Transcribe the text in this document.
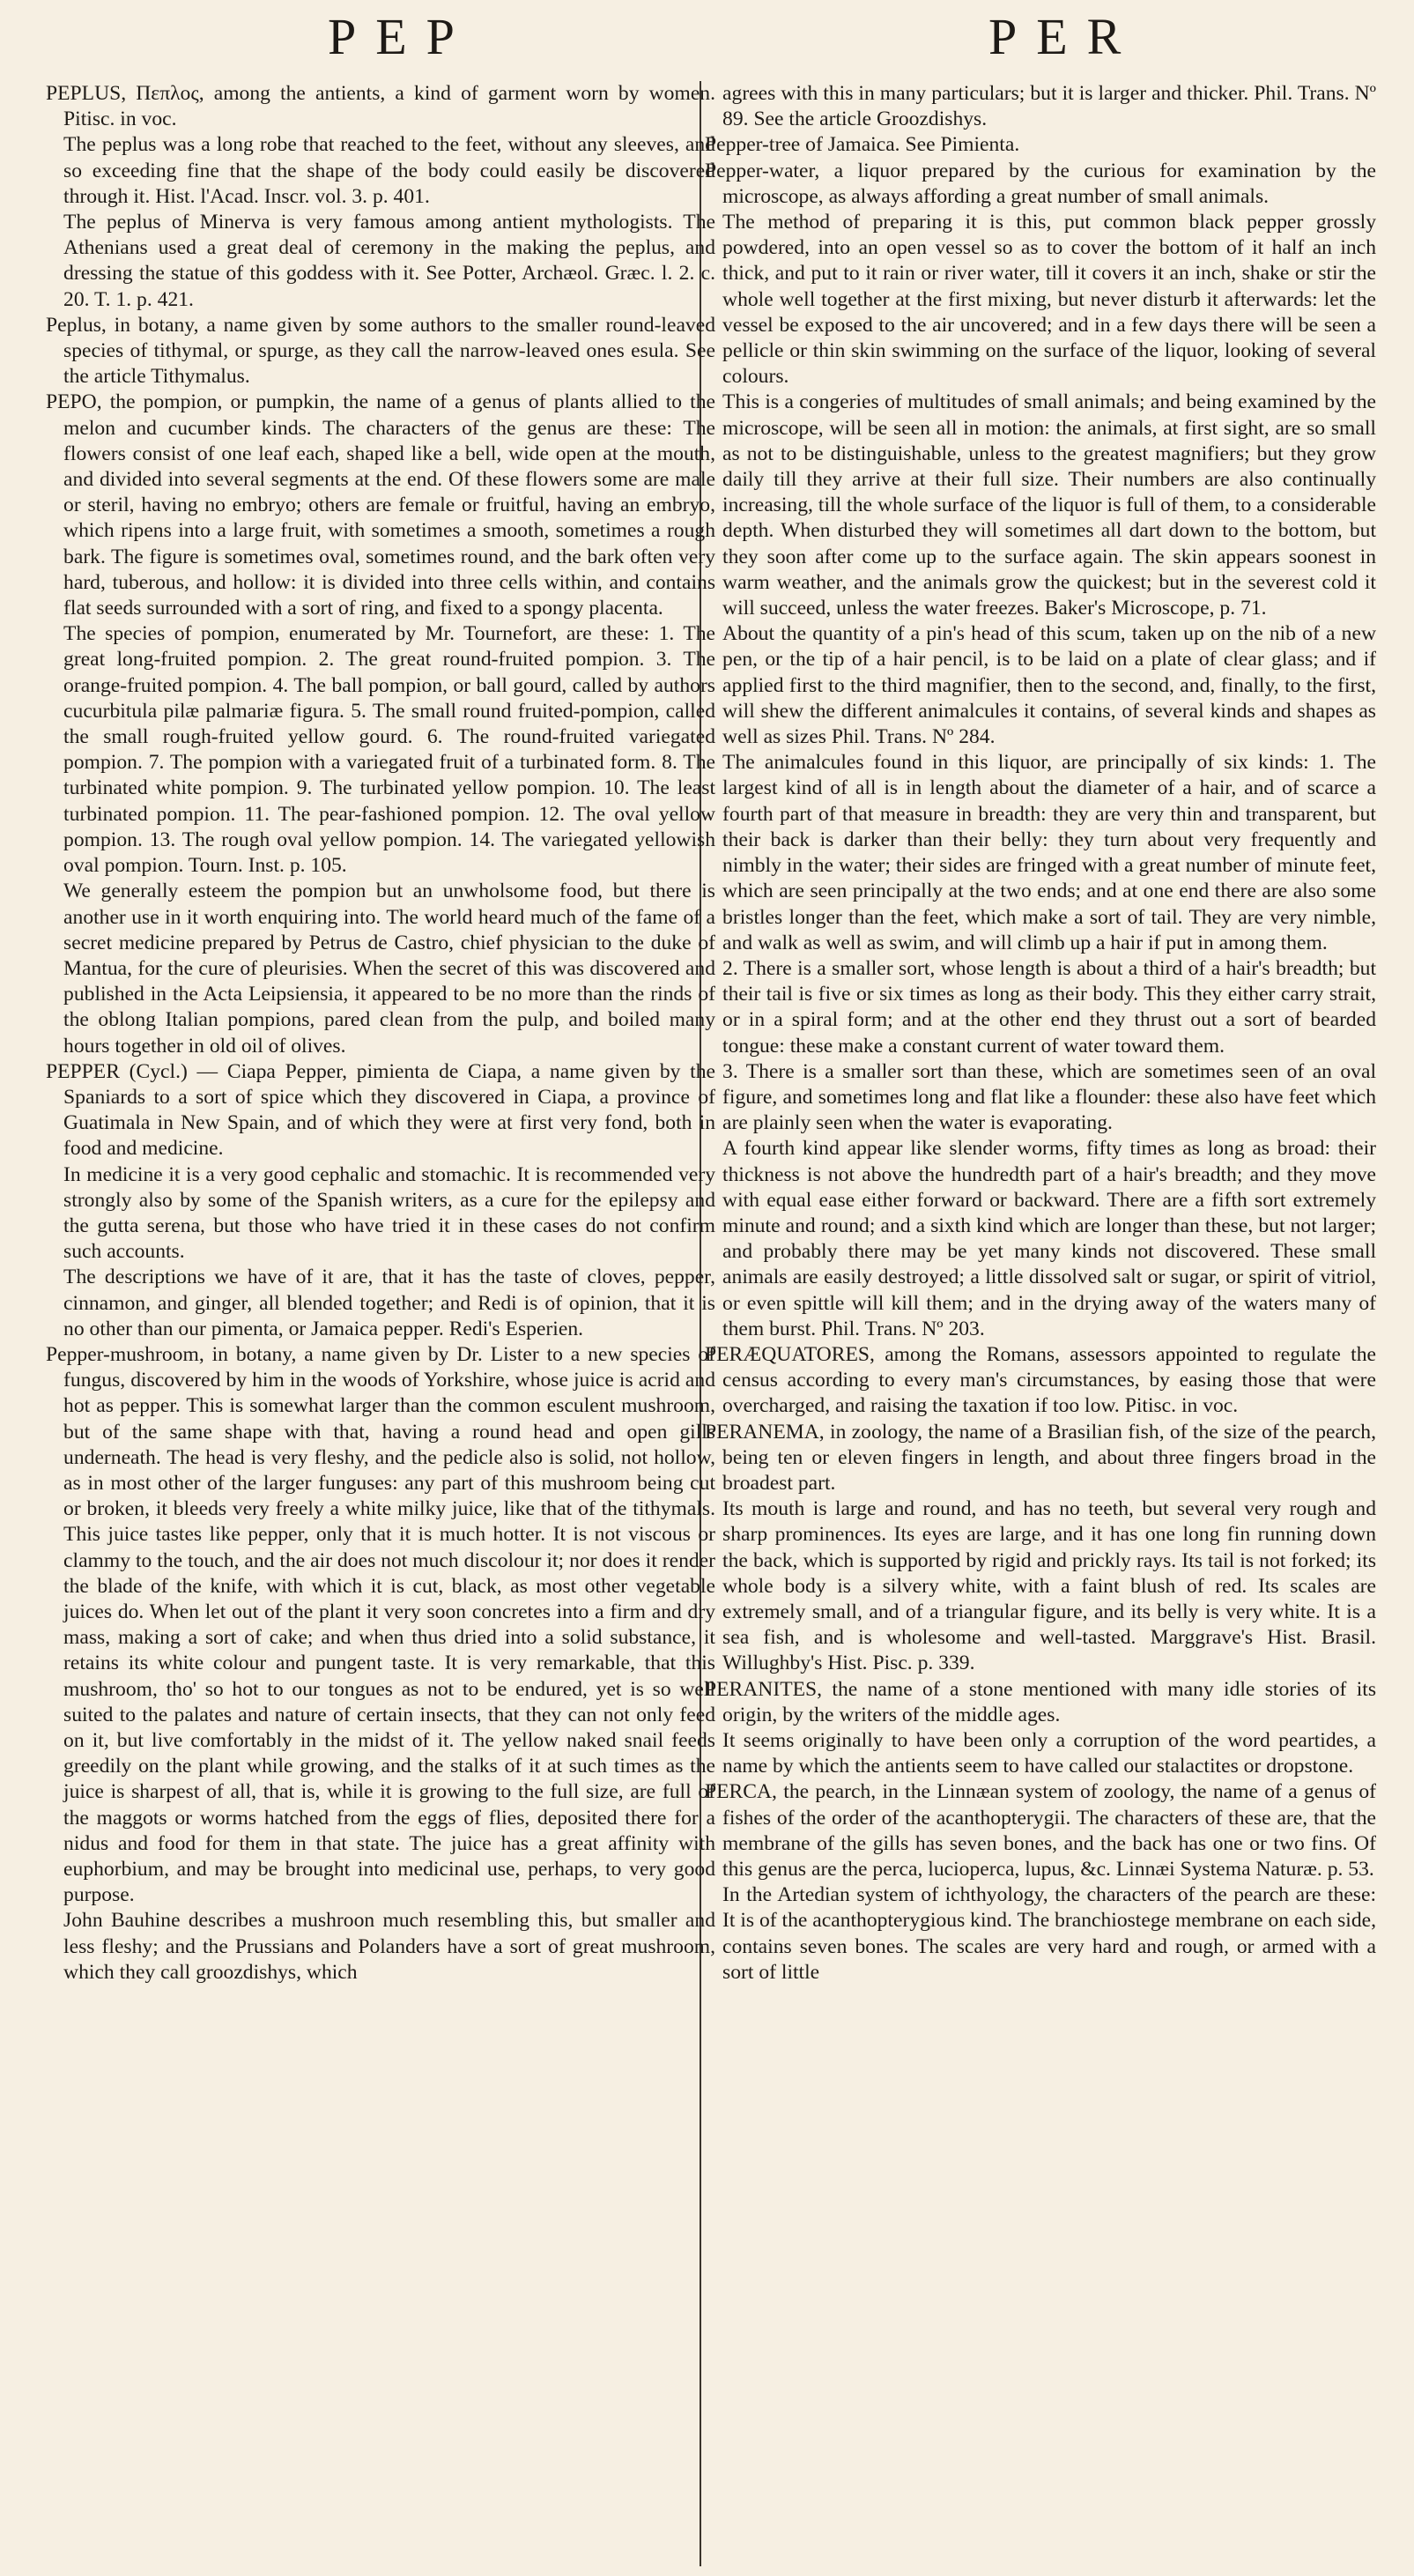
PEP	PER

PEPLUS, Πεπλος, among the antients, a kind of garment worn by women. Pitisc. in voc.

The peplus was a long robe that reached to the feet, without any sleeves, and so exceeding fine that the shape of the body could easily be discovered through it. Hist. l'Acad. Inscr. vol. 3. p. 401.

The peplus of Minerva is very famous among antient mythologists. The Athenians used a great deal of ceremony in the making the peplus, and dressing the statue of this goddess with it. See Potter, Archæol. Græc. l. 2. c. 20. T. 1. p. 421.

Peplus, in botany, a name given by some authors to the smaller round-leaved species of tithymal, or spurge, as they call the narrow-leaved ones esula. See the article Tithymalus.

PEPO, the pompion, or pumpkin, the name of a genus of plants allied to the melon and cucumber kinds. The characters of the genus are these: The flowers consist of one leaf each, shaped like a bell, wide open at the mouth, and divided into several segments at the end. Of these flowers some are male or steril, having no embryo; others are female or fruitful, having an embryo, which ripens into a large fruit, with sometimes a smooth, sometimes a rough bark. The figure is sometimes oval, sometimes round, and the bark often very hard, tuberous, and hollow: it is divided into three cells within, and contains flat seeds surrounded with a sort of ring, and fixed to a spongy placenta.

The species of pompion, enumerated by Mr. Tournefort, are these: 1. The great long-fruited pompion. 2. The great round-fruited pompion. 3. The orange-fruited pompion. 4. The ball pompion, or ball gourd, called by authors cucurbitula pilæ palmariæ figura. 5. The small round fruited-pompion, called the small rough-fruited yellow gourd. 6. The round-fruited variegated pompion. 7. The pompion with a variegated fruit of a turbinated form. 8. The turbinated white pompion. 9. The turbinated yellow pompion. 10. The least turbinated pompion. 11. The pear-fashioned pompion. 12. The oval yellow pompion. 13. The rough oval yellow pompion. 14. The variegated yellowish oval pompion. Tourn. Inst. p. 105.

We generally esteem the pompion but an unwholsome food, but there is another use in it worth enquiring into. The world heard much of the fame of a secret medicine prepared by Petrus de Castro, chief physician to the duke of Mantua, for the cure of pleurisies. When the secret of this was discovered and published in the Acta Leipsiensia, it appeared to be no more than the rinds of the oblong Italian pompions, pared clean from the pulp, and boiled many hours together in old oil of olives.

PEPPER (Cycl.) — Ciapa Pepper, pimienta de Ciapa, a name given by the Spaniards to a sort of spice which they discovered in Ciapa, a province of Guatimala in New Spain, and of which they were at first very fond, both in food and medicine.

In medicine it is a very good cephalic and stomachic. It is recommended very strongly also by some of the Spanish writers, as a cure for the epilepsy and the gutta serena, but those who have tried it in these cases do not confirm such accounts.

The descriptions we have of it are, that it has the taste of cloves, pepper, cinnamon, and ginger, all blended together; and Redi is of opinion, that it is no other than our pimenta, or Jamaica pepper. Redi's Esperien.

Pepper-mushroom, in botany, a name given by Dr. Lister to a new species of fungus, discovered by him in the woods of Yorkshire, whose juice is acrid and hot as pepper. This is somewhat larger than the common esculent mushroom, but of the same shape with that, having a round head and open gills underneath. The head is very fleshy, and the pedicle also is solid, not hollow, as in most other of the larger funguses: any part of this mushroom being cut or broken, it bleeds very freely a white milky juice, like that of the tithymals. This juice tastes like pepper, only that it is much hotter. It is not viscous or clammy to the touch, and the air does not much discolour it; nor does it render the blade of the knife, with which it is cut, black, as most other vegetable juices do. When let out of the plant it very soon concretes into a firm and dry mass, making a sort of cake; and when thus dried into a solid substance, it retains its white colour and pungent taste. It is very remarkable, that this mushroom, tho' so hot to our tongues as not to be endured, yet is so well suited to the palates and nature of certain insects, that they can not only feed on it, but live comfortably in the midst of it. The yellow naked snail feeds greedily on the plant while growing, and the stalks of it at such times as the juice is sharpest of all, that is, while it is growing to the full size, are full of the maggots or worms hatched from the eggs of flies, deposited there for a nidus and food for them in that state. The juice has a great affinity with euphorbium, and may be brought into medicinal use, perhaps, to very good purpose.

John Bauhine describes a mushroon much resembling this, but smaller and less fleshy; and the Prussians and Polanders have a sort of great mushroom, which they call groozdishys, which

agrees with this in many particulars; but it is larger and thicker. Phil. Trans. Nº 89. See the article Groozdishys.

Pepper-tree of Jamaica. See Pimienta.

Pepper-water, a liquor prepared by the curious for examination by the microscope, as always affording a great number of small animals.

The method of preparing it is this, put common black pepper grossly powdered, into an open vessel so as to cover the bottom of it half an inch thick, and put to it rain or river water, till it covers it an inch, shake or stir the whole well together at the first mixing, but never disturb it afterwards: let the vessel be exposed to the air uncovered; and in a few days there will be seen a pellicle or thin skin swimming on the surface of the liquor, looking of several colours.

This is a congeries of multitudes of small animals; and being examined by the microscope, will be seen all in motion: the animals, at first sight, are so small as not to be distinguishable, unless to the greatest magnifiers; but they grow daily till they arrive at their full size. Their numbers are also continually increasing, till the whole surface of the liquor is full of them, to a considerable depth. When disturbed they will sometimes all dart down to the bottom, but they soon after come up to the surface again. The skin appears soonest in warm weather, and the animals grow the quickest; but in the severest cold it will succeed, unless the water freezes. Baker's Microscope, p. 71.

About the quantity of a pin's head of this scum, taken up on the nib of a new pen, or the tip of a hair pencil, is to be laid on a plate of clear glass; and if applied first to the third magnifier, then to the second, and, finally, to the first, will shew the different animalcules it contains, of several kinds and shapes as well as sizes Phil. Trans. Nº 284.

The animalcules found in this liquor, are principally of six kinds: 1. The largest kind of all is in length about the diameter of a hair, and of scarce a fourth part of that measure in breadth: they are very thin and transparent, but their back is darker than their belly: they turn about very frequently and nimbly in the water; their sides are fringed with a great number of minute feet, which are seen principally at the two ends; and at one end there are also some bristles longer than the feet, which make a sort of tail. They are very nimble, and walk as well as swim, and will climb up a hair if put in among them.

2. There is a smaller sort, whose length is about a third of a hair's breadth; but their tail is five or six times as long as their body. This they either carry strait, or in a spiral form; and at the other end they thrust out a sort of bearded tongue: these make a constant current of water toward them.

3. There is a smaller sort than these, which are sometimes seen of an oval figure, and sometimes long and flat like a flounder: these also have feet which are plainly seen when the water is evaporating.

A fourth kind appear like slender worms, fifty times as long as broad: their thickness is not above the hundredth part of a hair's breadth; and they move with equal ease either forward or backward. There are a fifth sort extremely minute and round; and a sixth kind which are longer than these, but not larger; and probably there may be yet many kinds not discovered. These small animals are easily destroyed; a little dissolved salt or sugar, or spirit of vitriol, or even spittle will kill them; and in the drying away of the waters many of them burst. Phil. Trans. Nº 203.

PERÆQUATORES, among the Romans, assessors appointed to regulate the census according to every man's circumstances, by easing those that were overcharged, and raising the taxation if too low. Pitisc. in voc.

PERANEMA, in zoology, the name of a Brasilian fish, of the size of the pearch, being ten or eleven fingers in length, and about three fingers broad in the broadest part.

Its mouth is large and round, and has no teeth, but several very rough and sharp prominences. Its eyes are large, and it has one long fin running down the back, which is supported by rigid and prickly rays. Its tail is not forked; its whole body is a silvery white, with a faint blush of red. Its scales are extremely small, and of a triangular figure, and its belly is very white. It is a sea fish, and is wholesome and well-tasted. Marggrave's Hist. Brasil. Willughby's Hist. Pisc. p. 339.

PERANITES, the name of a stone mentioned with many idle stories of its origin, by the writers of the middle ages.

It seems originally to have been only a corruption of the word peartides, a name by which the antients seem to have called our stalactites or dropstone.

PERCA, the pearch, in the Linnæan system of zoology, the name of a genus of fishes of the order of the acanthopterygii. The characters of these are, that the membrane of the gills has seven bones, and the back has one or two fins. Of this genus are the perca, lucioperca, lupus, &c. Linnæi Systema Naturæ. p. 53.

In the Artedian system of ichthyology, the characters of the pearch are these: It is of the acanthopterygious kind. The branchiostege membrane on each side, contains seven bones. The scales are very hard and rough, or armed with a sort of little
